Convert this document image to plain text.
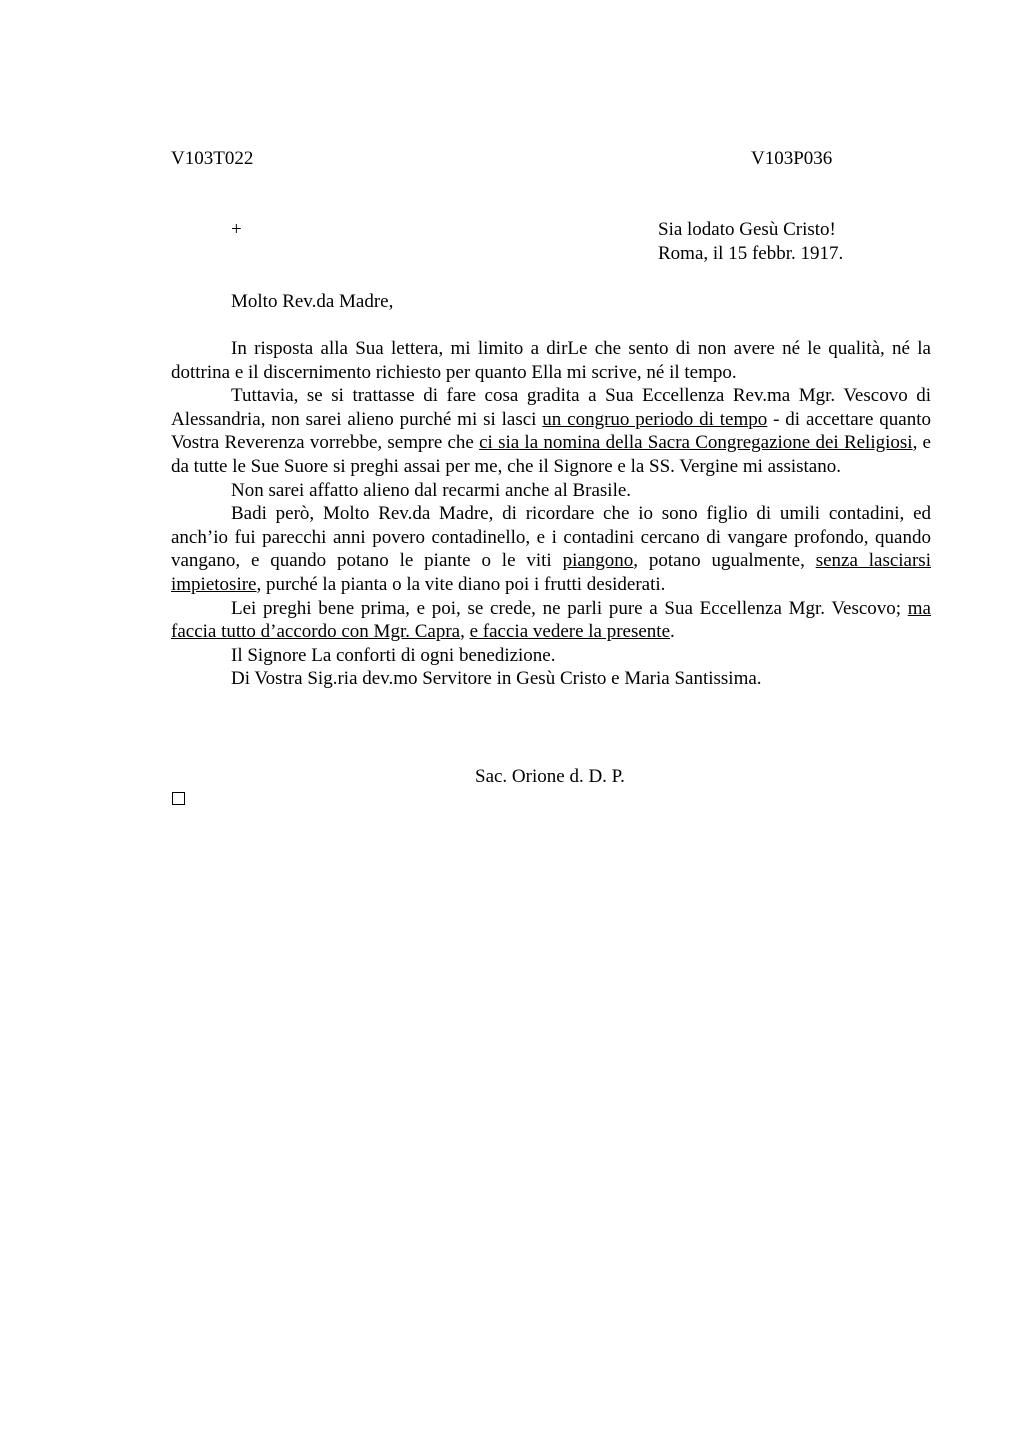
V103T022	V103P036
+	Sia lodato Gesù Cristo!
Roma, il 15 febbr. 1917.
Molto Rev.da Madre,

In risposta alla Sua lettera, mi limito a dirLe che sento di non avere né le qualità, né la dottrina e il discernimento richiesto per quanto Ella mi scrive, né il tempo.

Tuttavia, se si trattasse di fare cosa gradita a Sua Eccellenza Rev.ma Mgr. Vescovo di Alessandria, non sarei alieno purché mi si lasci un congruo periodo di tempo - di accettare quanto Vostra Reverenza vorrebbe, sempre che ci sia la nomina della Sacra Congregazione dei Religiosi, e da tutte le Sue Suore si preghi assai per me, che il Signore e la SS. Vergine mi assistano.

Non sarei affatto alieno dal recarmi anche al Brasile.

Badi però, Molto Rev.da Madre, di ricordare che io sono figlio di umili contadini, ed anch’io fui parecchi anni povero contadinello, e i contadini cercano di vangare profondo, quando vangano, e quando potano le piante o le viti piangono, potano ugualmente, senza lasciarsi impietosire, purché la pianta o la vite diano poi i frutti desiderati.

Lei preghi bene prima, e poi, se crede, ne parli pure a Sua Eccellenza Mgr. Vescovo; ma faccia tutto d’accordo con Mgr. Capra, e faccia vedere la presente.

Il Signore La conforti di ogni benedizione.

Di Vostra Sig.ria dev.mo Servitore in Gesù Cristo e Maria Santissima.

Sac. Orione d. D. P.
